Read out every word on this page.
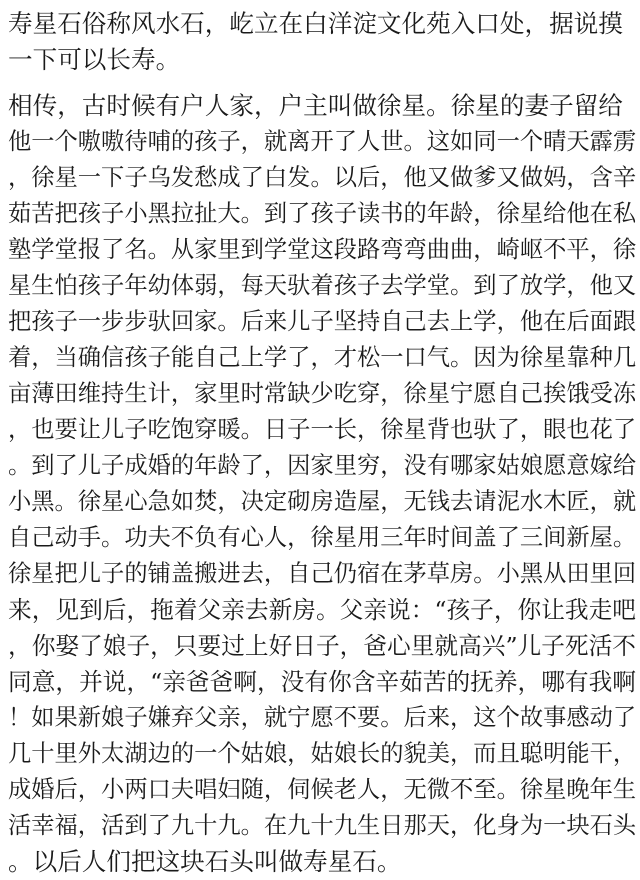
寿星石俗称风水石，屹立在白洋淀文化苑入口处，据说摸

一下可以长寿。

相传，古时候有户人家，户主叫做徐星。徐星的妻子留给

他一个嗷嗷待哺的孩子，就离开了人世。这如同一个晴天霹雳

，徐星一下子乌发愁成了白发。以后，他又做爹又做妈，含辛

茹苦把孩子小黑拉扯大。到了孩子读书的年龄，徐星给他在私

塾学堂报了名。从家里到学堂这段路弯弯曲曲，崎岖不平，徐

星生怕孩子年幼体弱，每天驮着孩子去学堂。到了放学，他又

把孩子一步步驮回家。后来儿子坚持自己去上学，他在后面跟

着，当确信孩子能自己上学了，才松一口气。因为徐星靠种几

亩薄田维持生计，家里时常缺少吃穿，徐星宁愿自己挨饿受冻

，也要让儿子吃饱穿暖。日子一长，徐星背也驮了，眼也花了

。到了儿子成婚的年龄了，因家里穷，没有哪家姑娘愿意嫁给

小黑。徐星心急如焚，决定砌房造屋，无钱去请泥水木匠，就

自己动手。功夫不负有心人，徐星用三年时间盖了三间新屋。

徐星把儿子的铺盖搬进去，自己仍宿在茅草房。小黑从田里回

来，见到后，拖着父亲去新房。父亲说：“孩子，你让我走吧

，你娶了娘子，只要过上好日子，爸心里就高兴”儿子死活不

同意，并说，“亲爸爸啊，没有你含辛茹苦的抚养，哪有我啊

！如果新娘子嫌弃父亲，就宁愿不要。后来，这个故事感动了

几十里外太湖边的一个姑娘，姑娘长的貌美，而且聪明能干，

成婚后，小两口夫唱妇随，伺候老人，无微不至。徐星晚年生

活幸福，活到了九十九。在九十九生日那天，化身为一块石头

。以后人们把这块石头叫做寿星石。
